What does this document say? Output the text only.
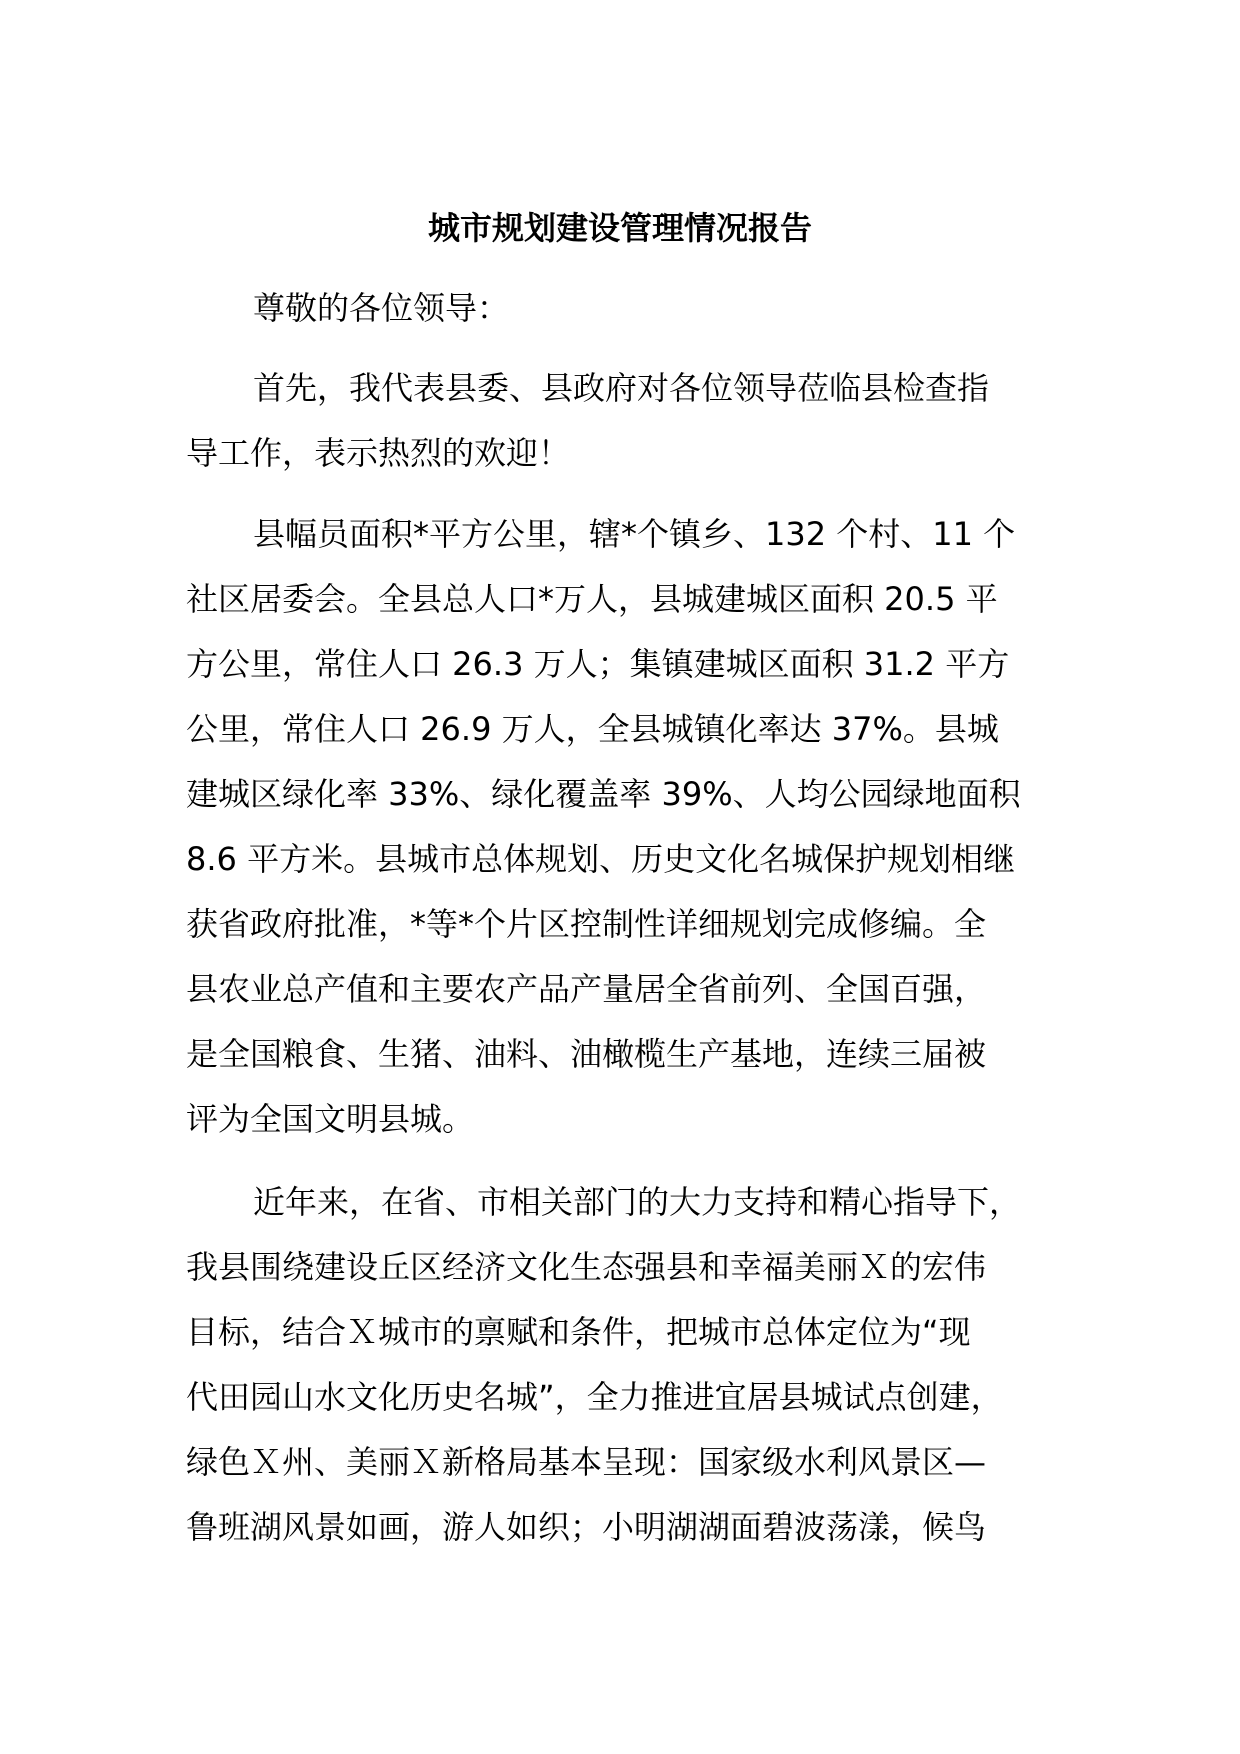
城市规划建设管理情况报告
尊敬的各位领导：
首先，我代表县委、县政府对各位领导莅临县检查指
导工作，表示热烈的欢迎！
县幅员面积*平方公里，辖*个镇乡、132 个村、11 个
社区居委会。全县总人口*万人，县城建城区面积 20.5 平
方公里，常住人口 26.3 万人；集镇建城区面积 31.2 平方
公里，常住人口 26.9 万人，全县城镇化率达 37%。县城
建城区绿化率 33%、绿化覆盖率 39%、人均公园绿地面积
8.6 平方米。县城市总体规划、历史文化名城保护规划相继
获省政府批准，*等*个片区控制性详细规划完成修编。全
县农业总产值和主要农产品产量居全省前列、全国百强，
是全国粮食、生猪、油料、油橄榄生产基地，连续三届被
评为全国文明县城。
近年来，在省、市相关部门的大力支持和精心指导下，
我县围绕建设丘区经济文化生态强县和幸福美丽Ｘ的宏伟
目标，结合Ｘ城市的禀赋和条件，把城市总体定位为“现
代田园山水文化历史名城”，全力推进宜居县城试点创建，
绿色Ｘ州、美丽Ｘ新格局基本呈现：国家级水利风景区—
鲁班湖风景如画，游人如织；小明湖湖面碧波荡漾，候鸟
